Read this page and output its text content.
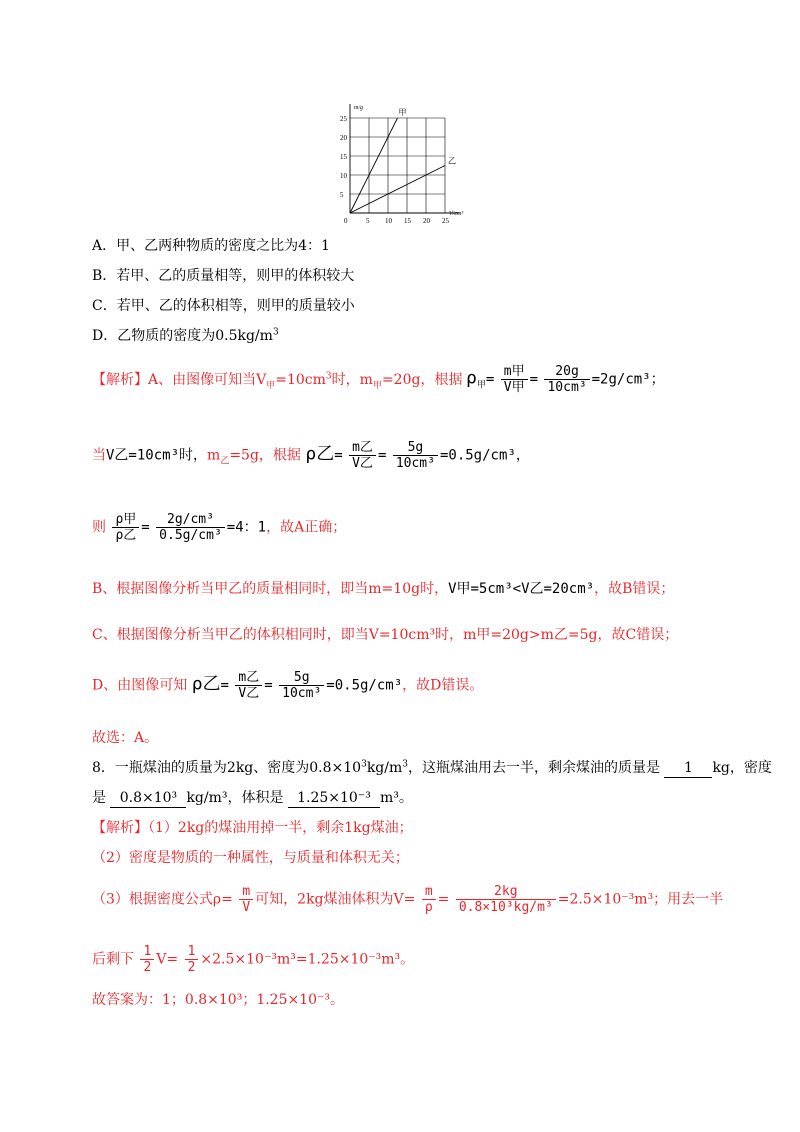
0	5 10 15 20 25
5
10
15
20
25
m/g
V/cm³
甲
乙
A．甲、乙两种物质的密度之比为4：1
B．若甲、乙的质量相等，则甲的体积较大
C．若甲、乙的体积相等，则甲的质量较小
D．乙物质的密度为$0.5kg/m^3$
【解析】A、由图像可知当$V_甲=10cm^3$时，$m_甲=20g$，根据 $\rho_甲= \frac{\text{m甲}}{\text{V甲}} = \frac{20g}{\text{10cm³}} =2g/cm^3$；
当V乙=10cm³时，$m_乙=5g$，根据 ρ乙= $\frac{\text{m乙}}{\text{V乙}} = \frac{5g}{\text{10cm³}} =0.5g/cm^3$，
则 $\frac{\text{ρ甲}}{\text{ρ乙}} = \frac{\text{2g/cm³}}{\text{0.5g/cm³}} =4$：1，故A正确；
B、根据图像分析当甲乙的质量相同时，即当m=10g时，V甲=5cm³<V乙=20cm³，故B错误；
C、根据图像分析当甲乙的体积相同时，即当V=10cm³时，m甲=20g>m乙=5g，故C错误；
D、由图像可知 ρ乙= $\frac{\text{m乙}}{\text{V乙}} = \frac{5g}{\text{10cm³}} =0.5g/cm^3$，故D错误。
故选：A。
8．一瓶煤油的质量为2kg、密度为$0.8\times 10^3kg/m^3$，这瓶煤油用去一半，剩余煤油的质量是 1 kg，密度
是 0.8×10³ kg/m³，体积是 1.25×10⁻³ m³。
【解析】（1）2kg的煤油用掉一半，剩余1kg煤油；
（2）密度是物质的一种属性，与质量和体积无关；
（3）根据密度公式$\rho= \frac{m}{V}$ 可知，2kg煤油体积为$V= \frac{m}{\rho} = \frac{2kg}{\text{0.8×10³kg/m³}} =2.5\times 10^{-3}m^3$；用去一半
后剩下 $\frac{1}{2} V= \frac{1}{2} \times 2.5\times 10^{-3}m^3=1.25\times 10^{-3}m^3$。
故答案为：1；0.8×10³；1.25×10⁻³。
